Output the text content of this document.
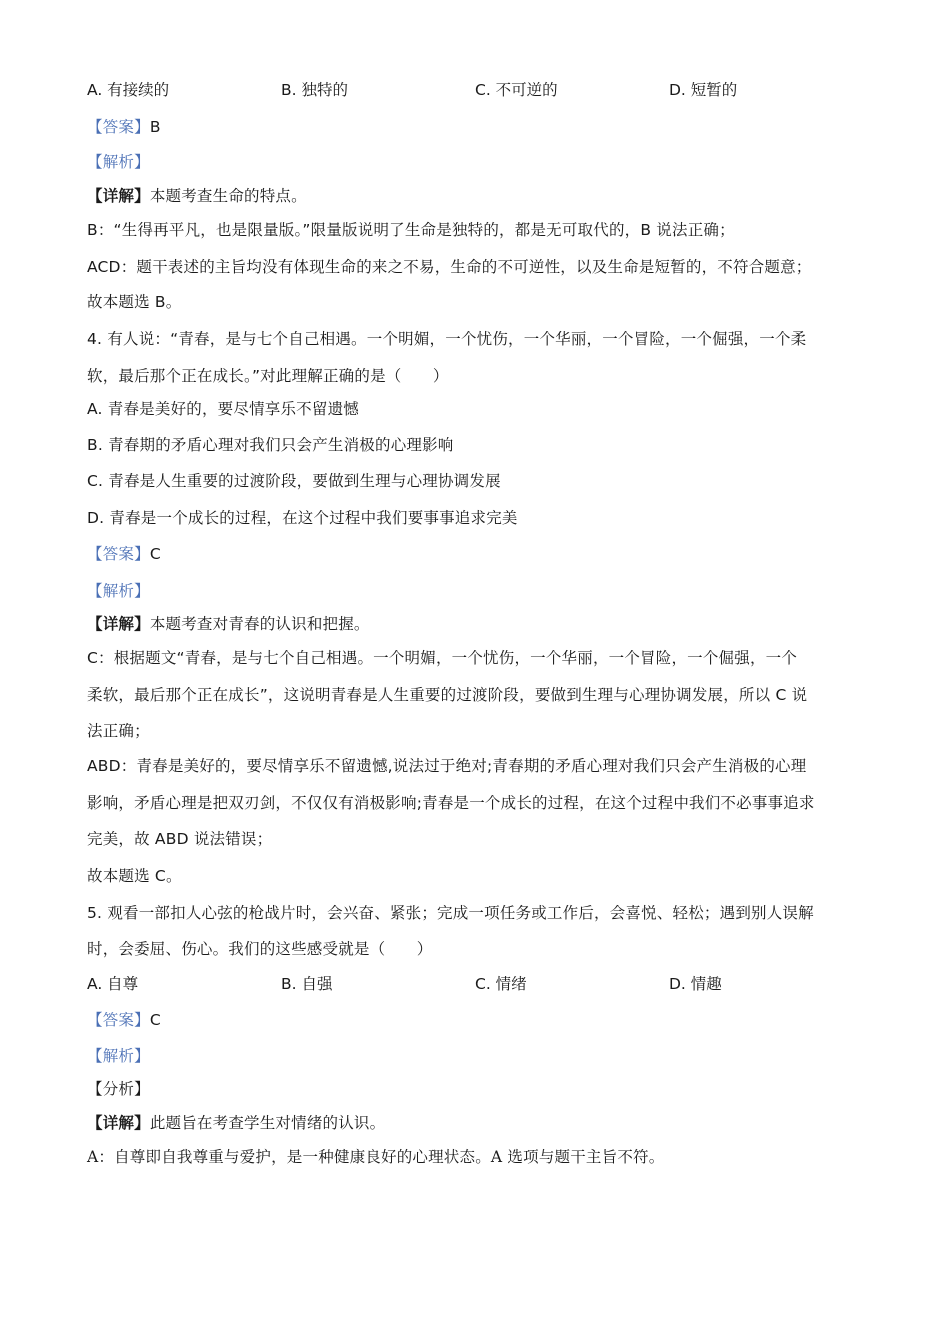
A. 有接续的	B. 独特的	C. 不可逆的	D. 短暂的
【答案】B
【解析】
【详解】本题考查生命的特点。
B：“生得再平凡，也是限量版。”限量版说明了生命是独特的，都是无可取代的，B 说法正确；
ACD：题干表述的主旨均没有体现生命的来之不易，生命的不可逆性，以及生命是短暂的，不符合题意；
故本题选 B。
4. 有人说：“青春，是与七个自己相遇。一个明媚，一个忧伤，一个华丽，一个冒险，一个倔强，一个柔
软，最后那个正在成长。”对此理解正确的是（　　）
A. 青春是美好的，要尽情享乐不留遗憾
B. 青春期的矛盾心理对我们只会产生消极的心理影响
C. 青春是人生重要的过渡阶段，要做到生理与心理协调发展
D. 青春是一个成长的过程，在这个过程中我们要事事追求完美
【答案】C
【解析】
【详解】本题考查对青春的认识和把握。
C：根据题文“青春，是与七个自己相遇。一个明媚，一个忧伤，一个华丽，一个冒险，一个倔强，一个
柔软，最后那个正在成长”，这说明青春是人生重要的过渡阶段，要做到生理与心理协调发展，所以 C 说
法正确；
ABD：青春是美好的，要尽情享乐不留遗憾,说法过于绝对;青春期的矛盾心理对我们只会产生消极的心理
影响，矛盾心理是把双刃剑，不仅仅有消极影响;青春是一个成长的过程，在这个过程中我们不必事事追求
完美，故 ABD 说法错误；
故本题选 C。
5. 观看一部扣人心弦的枪战片时，会兴奋、紧张；完成一项任务或工作后，会喜悦、轻松；遇到别人误解
时，会委屈、伤心。我们的这些感受就是（　　）
A. 自尊	B. 自强	C. 情绪	D. 情趣
【答案】C
【解析】
【分析】
【详解】此题旨在考查学生对情绪的认识。
A：自尊即自我尊重与爱护，是一种健康良好的心理状态。A 选项与题干主旨不符。
